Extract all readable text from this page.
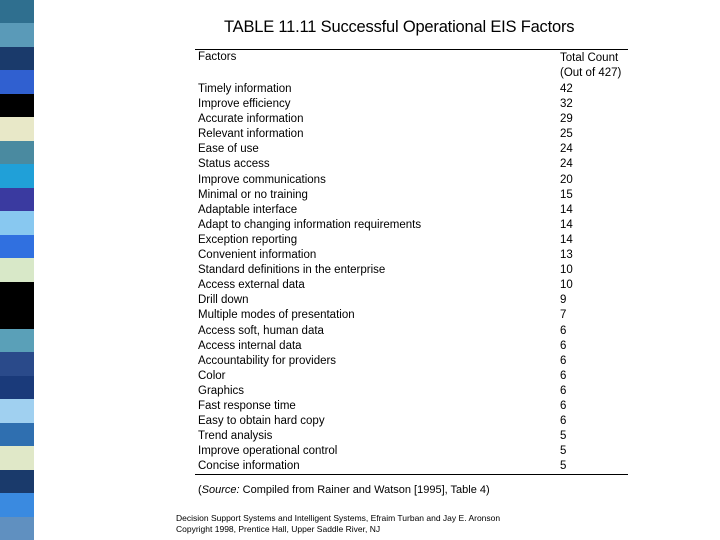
TABLE 11.11 Successful Operational EIS Factors
Factors	Total Count
(Out of 427)
Timely information	42
Improve efficiency	32
Accurate information	29
Relevant information	25
Ease of use	24
Status access	24
Improve communications	20
Minimal or no training	15
Adaptable interface	14
Adapt to changing information requirements	14
Exception reporting	14
Convenient information	13
Standard definitions in the enterprise	10
Access external data	10
Drill down	9
Multiple modes of presentation	7
Access soft, human data	6
Access internal data	6
Accountability for providers	6
Color	6
Graphics	6
Fast response time	6
Easy to obtain hard copy	6
Trend analysis	5
Improve operational control	5
Concise information	5
(Source: Compiled from Rainer and Watson [1995], Table 4)
Decision Support Systems and Intelligent Systems, Efraim Turban and Jay E. Aronson
Copyright 1998, Prentice Hall, Upper Saddle River, NJ
